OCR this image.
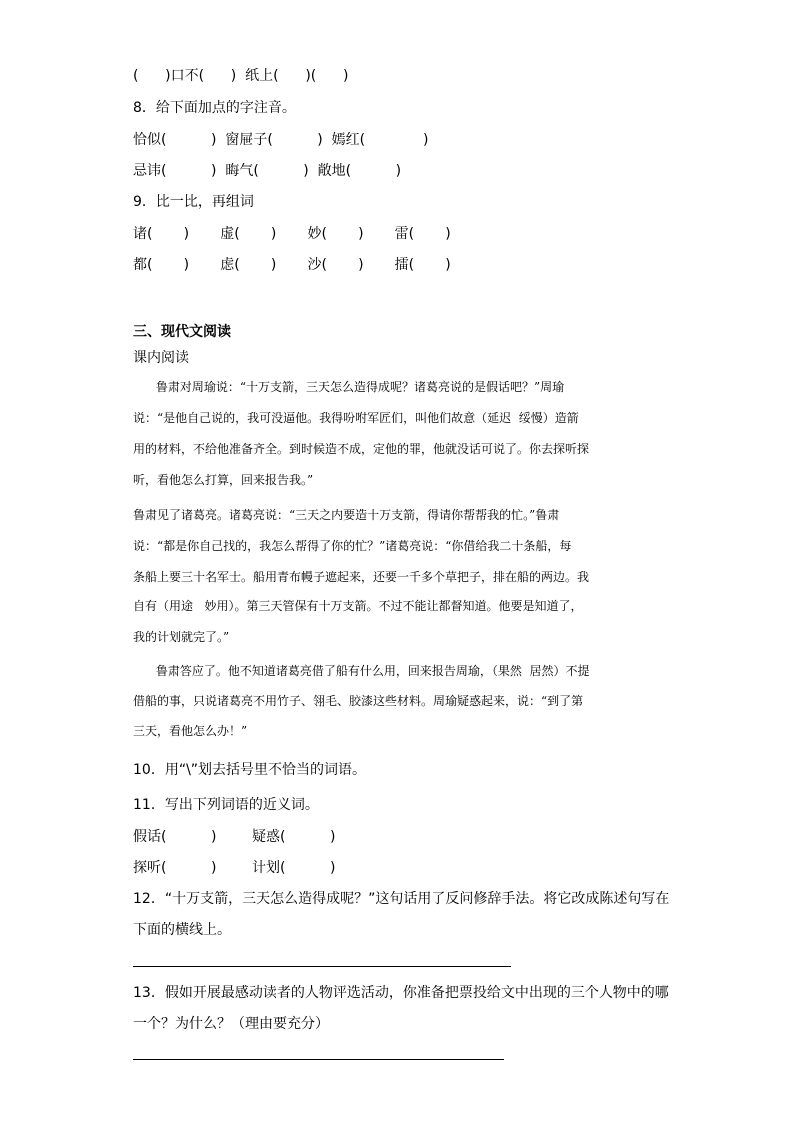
(      )口不(      )  纸上(      )(      )
8．给下面加点的字注音。
恰似(          )  窗屉子(          )  嫣红(             )
忌讳(          )  晦气(          )  敞地(          )
9．比一比，再组词
诸(       )       虚(       )       妙(       )       雷(       )
都(       )       虑(       )       沙(       )       擂(       )
三、现代文阅读
课内阅读
鲁肃对周瑜说：“十万支箭，三天怎么造得成呢？诸葛亮说的是假话吧？”周瑜
说：“是他自己说的，我可没逼他。我得吩咐军匠们，叫他们故意（延迟  绥慢）造箭
用的材料，不给他准备齐全。到时候造不成，定他的罪，他就没话可说了。你去探听探
听，看他怎么打算，回来报告我。”
鲁肃见了诸葛亮。诸葛亮说：“三天之内要造十万支箭，得请你帮帮我的忙。”鲁肃
说：“都是你自己找的，我怎么帮得了你的忙？”诸葛亮说：“你借给我二十条船，每
条船上要三十名军士。船用青布幔子遮起来，还要一千多个草把子，排在船的两边。我
自有（用途   妙用）。第三天管保有十万支箭。不过不能让都督知道。他要是知道了，
我的计划就完了。”
鲁肃答应了。他不知道诸葛亮借了船有什么用，回来报告周瑜，（果然  居然）不提
借船的事，只说诸葛亮不用竹子、翎毛、胶漆这些材料。周瑜疑惑起来，说：“到了第
三天，看他怎么办！”
10．用“\”划去括号里不恰当的词语。
11．写出下列词语的近义词。
假话(          )        疑惑(          )
探听(          )        计划(          )
12．“十万支箭，三天怎么造得成呢？”这句话用了反问修辞手法。将它改成陈述句写在
下面的横线上。
13．假如开展最感动读者的人物评选活动，你准备把票投给文中出现的三个人物中的哪
一个？为什么？（理由要充分）
